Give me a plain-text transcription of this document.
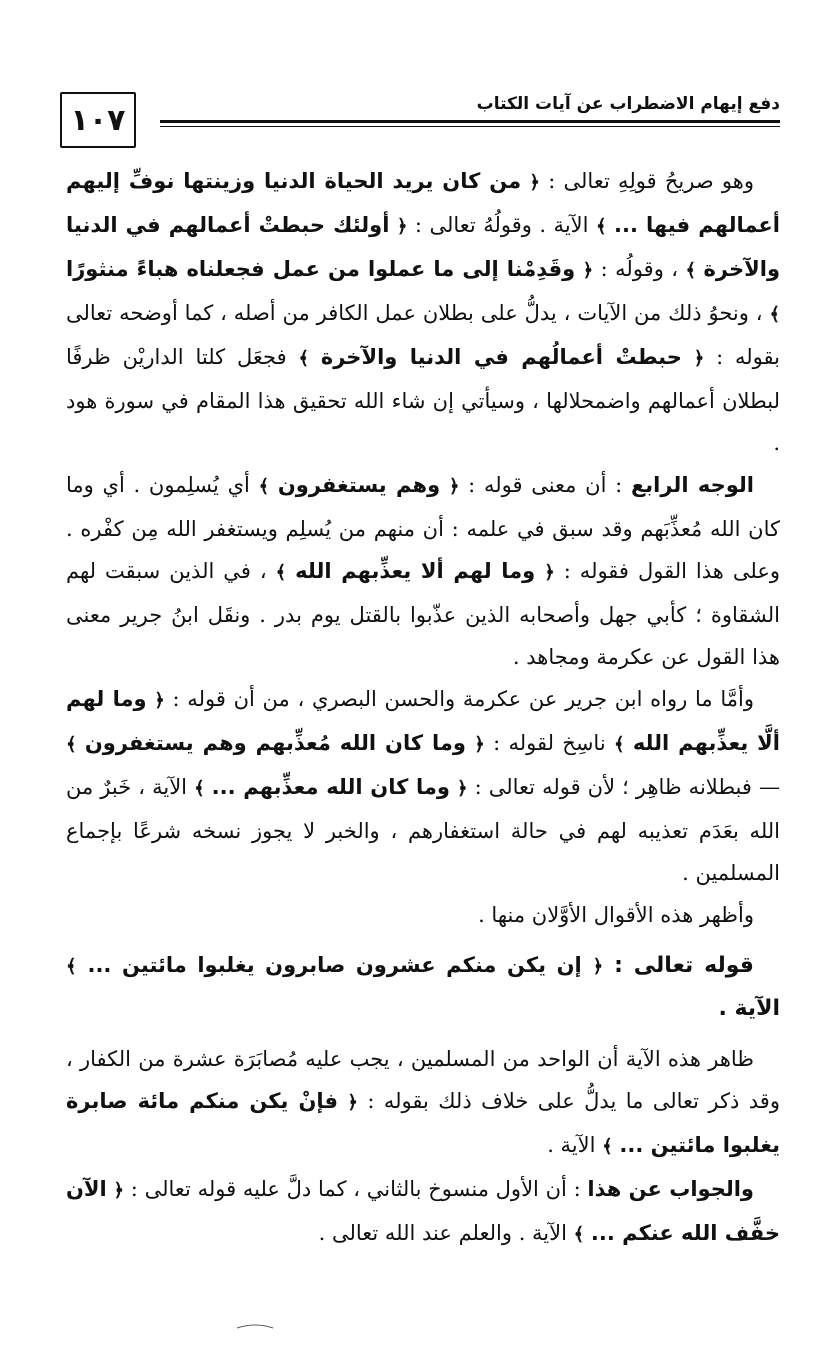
١٠٧	دفع إيهام الاضطراب عن آيات الكتاب

وهو صريحُ قولِهِ تعالى : ﴿ من كان يريد الحياة الدنيا وزينتها نوفِّ إليهم أعمالهم فيها ... ﴾ الآية . وقولُهُ تعالى : ﴿ أولئك حبطتْ أعمالهم في الدنيا والآخرة ﴾ ، وقولُه : ﴿ وقَدِمْنا إلى ما عملوا من عمل فجعلناه هباءً منثورًا ﴾ ، ونحوُ ذلك من الآيات ، يدلُّ على بطلان عمل الكافر من أصله ، كما أوضحه تعالى بقوله : ﴿ حبطتْ أعمالُهم في الدنيا والآخرة ﴾ فجعَل كلتا الداريْن ظرفًا لبطلان أعمالهم واضمحلالها ، وسيأتي إن شاء الله تحقيق هذا المقام في سورة هود .

الوجه الرابع : أن معنى قوله : ﴿ وهم يستغفرون ﴾ أي يُسلِمون . أي وما كان الله مُعذِّبَهم وقد سبق في علمه : أن منهم من يُسلِم ويستغفر الله مِن كفْره . وعلى هذا القول فقوله : ﴿ وما لهم ألا يعذِّبهم الله ﴾ ، في الذين سبقت لهم الشقاوة ؛ كأبي جهل وأصحابه الذين عذّبوا بالقتل يوم بدر . ونقَل ابنُ جرير معنى هذا القول عن عكرمة ومجاهد .

وأمَّا ما رواه ابن جرير عن عكرمة والحسن البصري ، من أن قوله : ﴿ وما لهم ألَّا يعذِّبهم الله ﴾ ناسِخ لقوله : ﴿ وما كان الله مُعذِّبهم وهم يستغفرون ﴾ — فبطلانه ظاهِر ؛ لأن قوله تعالى : ﴿ وما كان الله معذِّبهم ... ﴾ الآية ، خَبرٌ من الله بعَدَم تعذيبه لهم في حالة استغفارهم ، والخبر لا يجوز نسخه شرعًا بإجماع المسلمين .

وأظهر هذه الأقوال الأوَّلان منها .

قوله تعالى : ﴿ إن يكن منكم عشرون صابرون يغلبوا مائتين ... ﴾ الآية .

ظاهر هذه الآية أن الواحد من المسلمين ، يجب عليه مُصابَرَة عشرة من الكفار ، وقد ذكر تعالى ما يدلُّ على خلاف ذلك بقوله : ﴿ فإنْ يكن منكم مائة صابرة يغلبوا مائتين ... ﴾ الآية .

والجواب عن هذا : أن الأول منسوخ بالثاني ، كما دلَّ عليه قوله تعالى : ﴿ الآن خفَّف الله عنكم ... ﴾ الآية . والعلم عند الله تعالى .
